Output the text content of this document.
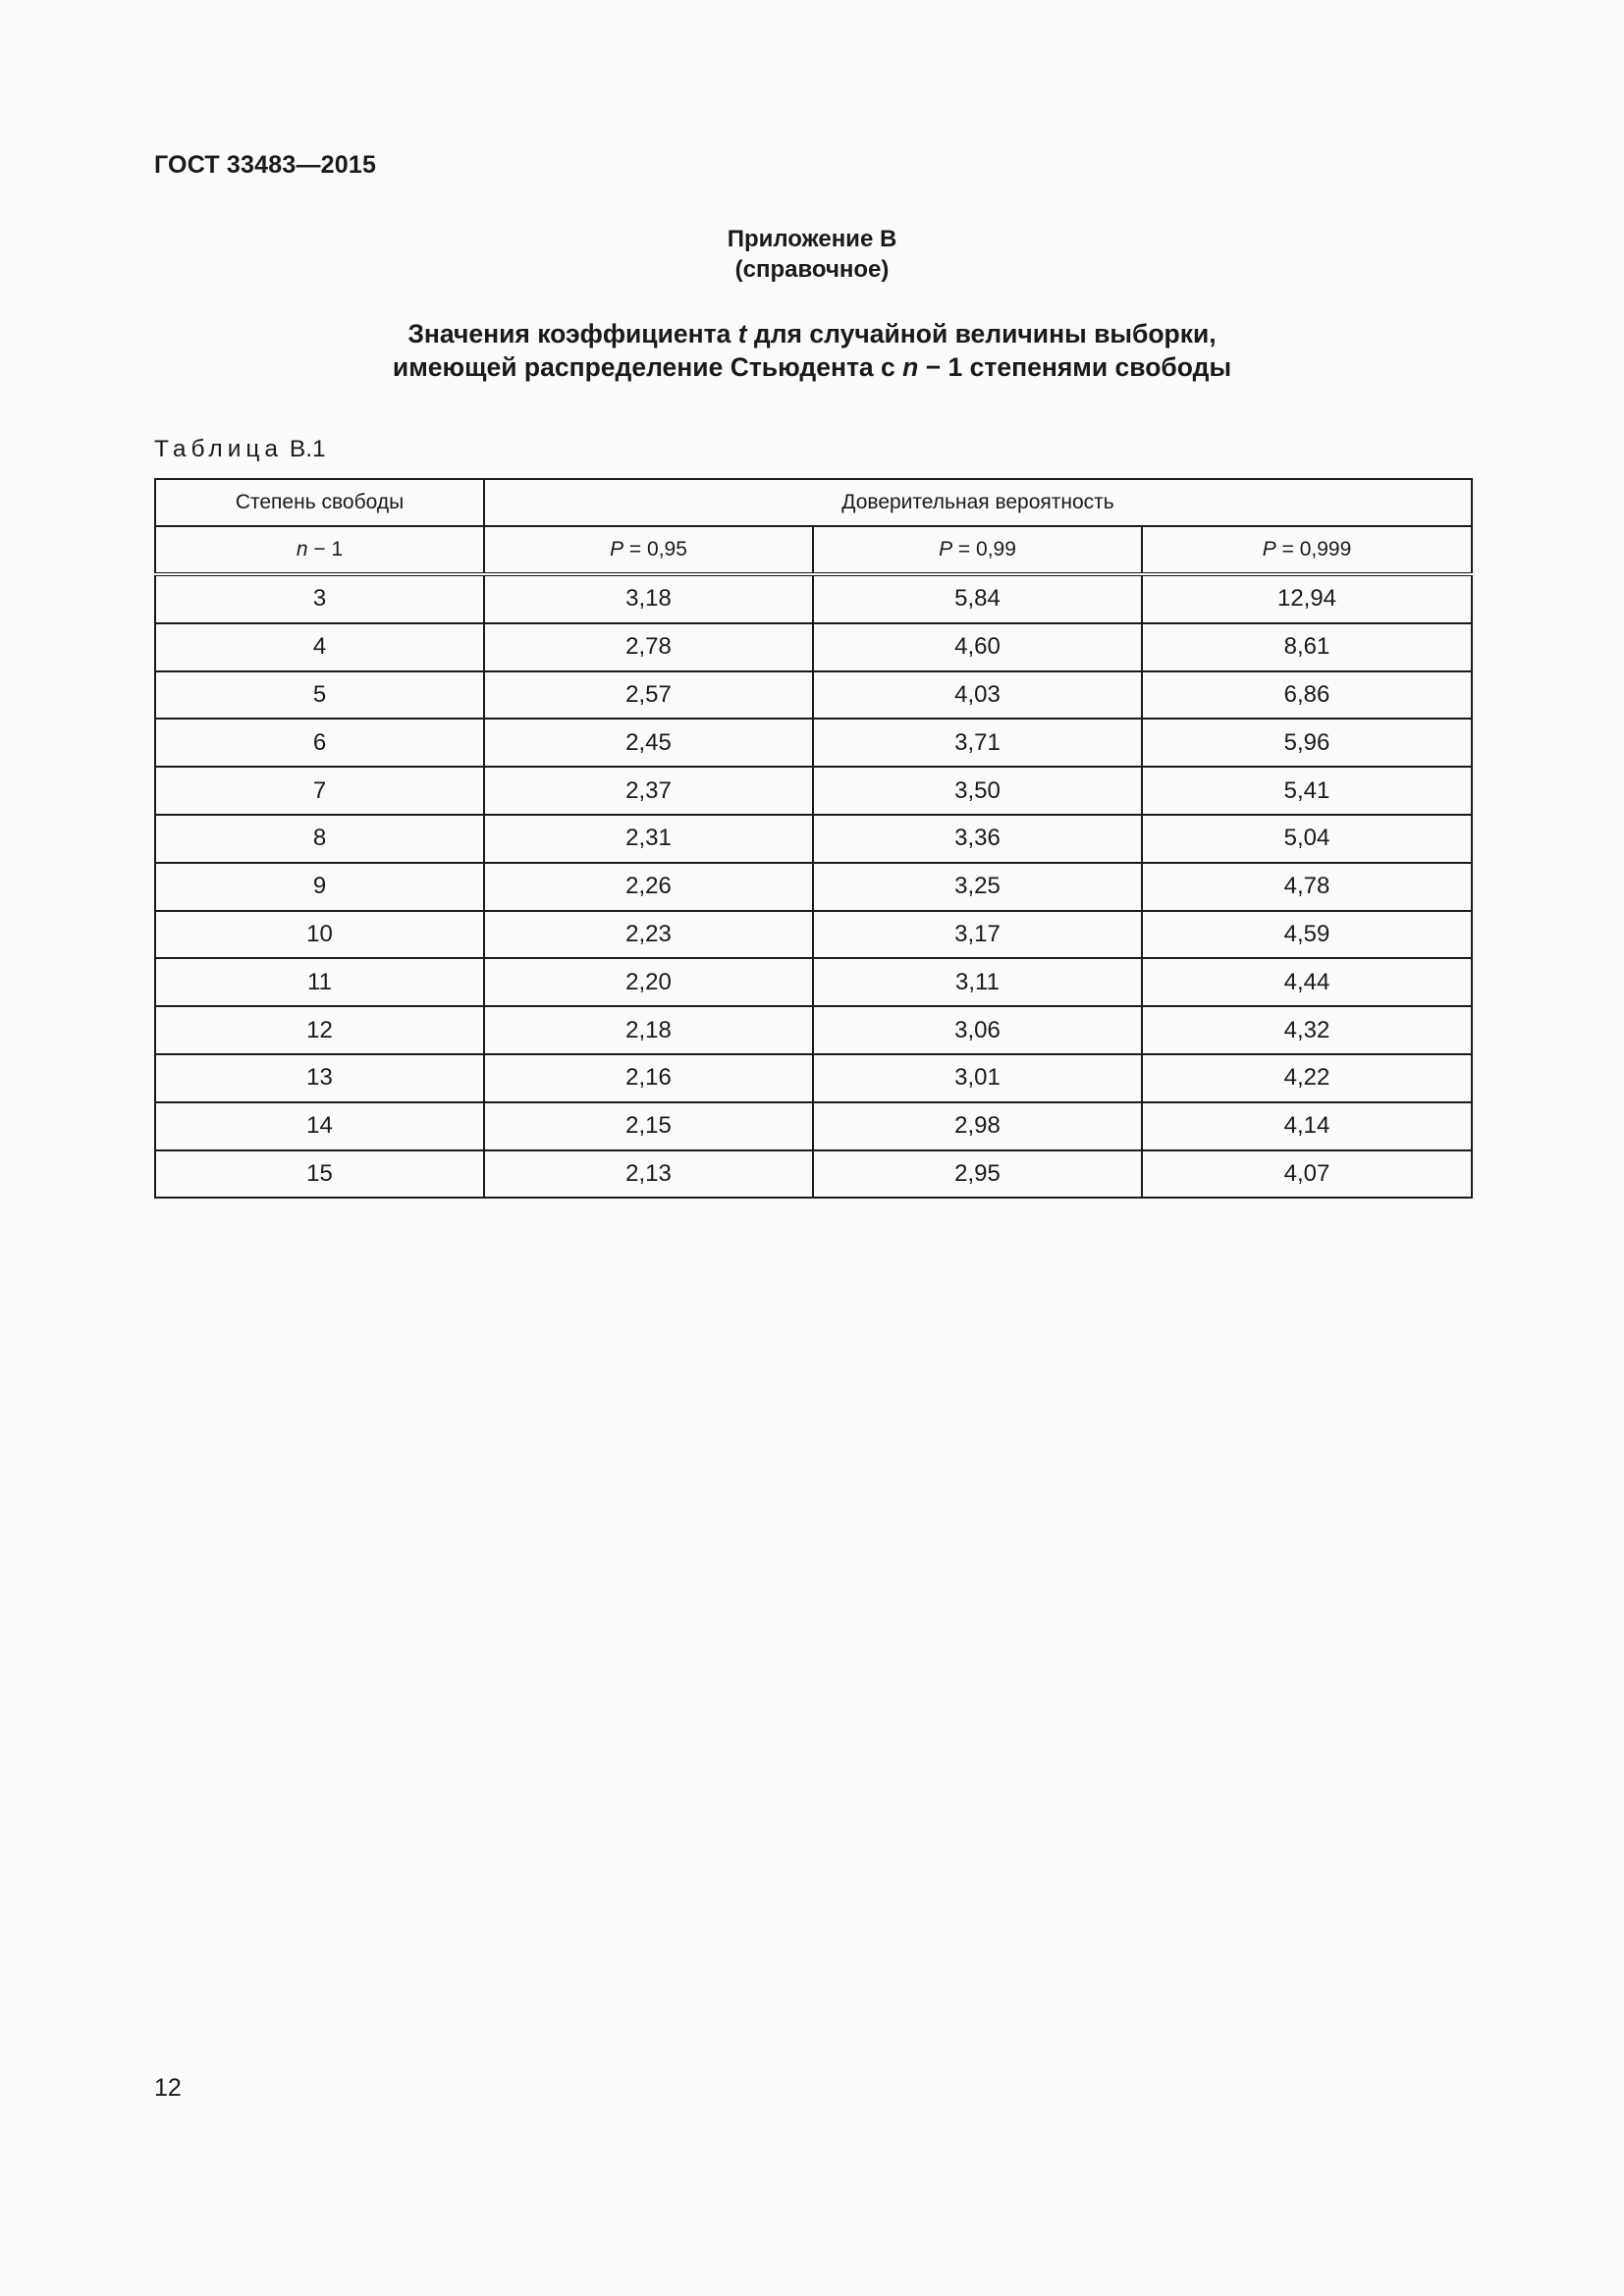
ГОСТ 33483—2015
Приложение В
(справочное)
Значения коэффициента t для случайной величины выборки,
имеющей распределение Стьюдента с n − 1 степенями свободы
Таблица В.1
Степень свободы	Доверительная вероятность		
n − 1	P = 0,95	P = 0,99	P = 0,999
3	3,18	5,84	12,94
4	2,78	4,60	8,61
5	2,57	4,03	6,86
6	2,45	3,71	5,96
7	2,37	3,50	5,41
8	2,31	3,36	5,04
9	2,26	3,25	4,78
10	2,23	3,17	4,59
11	2,20	3,11	4,44
12	2,18	3,06	4,32
13	2,16	3,01	4,22
14	2,15	2,98	4,14
15	2,13	2,95	4,07
12
